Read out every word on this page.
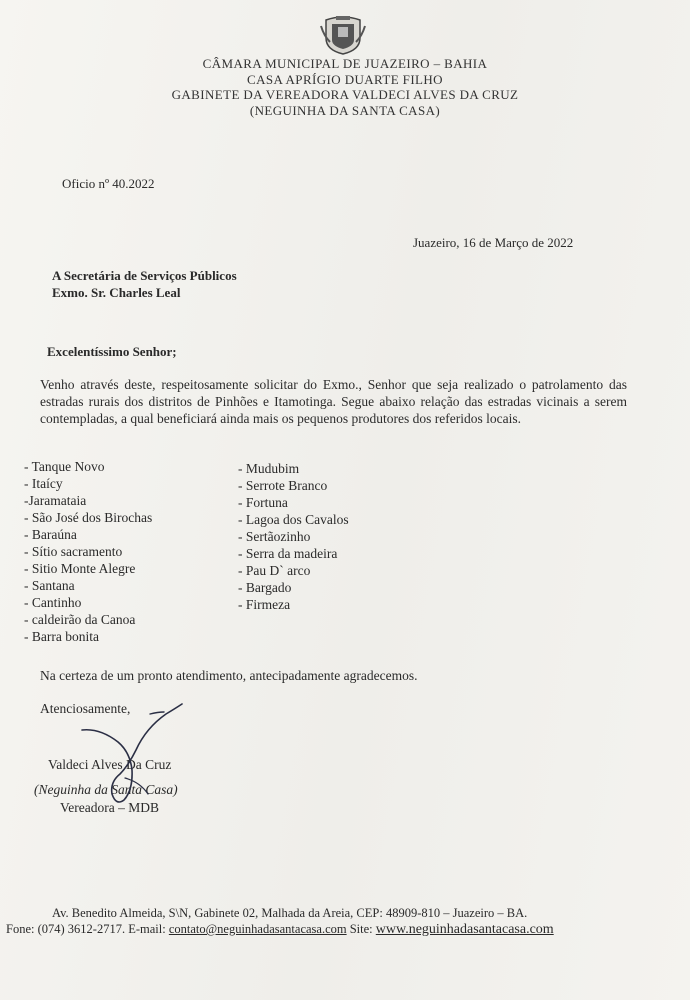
CÂMARA MUNICIPAL DE JUAZEIRO – BAHIA
CASA APRÍGIO DUARTE FILHO
GABINETE DA VEREADORA VALDECI ALVES DA CRUZ
(NEGUINHA DA SANTA CASA)
Oficio nº 40.2022
Juazeiro, 16 de Março de 2022
A Secretária de Serviços Públicos
Exmo. Sr. Charles Leal
Excelentíssimo Senhor;
Venho através deste, respeitosamente solicitar do Exmo., Senhor que seja realizado o patrolamento das estradas rurais dos distritos de Pinhões e Itamotinga. Segue abaixo relação das estradas vicinais a serem contempladas, a qual beneficiará ainda mais os pequenos produtores dos referidos locais.
- Tanque Novo
- Itaícy
-Jaramataia
- São José dos Birochas
- Baraúna
- Sítio sacramento
- Sitio Monte Alegre
- Santana
- Cantinho
- caldeirão da Canoa
- Barra bonita
- Mudubim
- Serrote Branco
- Fortuna
- Lagoa dos Cavalos
- Sertãozinho
- Serra da madeira
- Pau D` arco
- Bargado
- Firmeza
Na certeza de um pronto atendimento, antecipadamente agradecemos.
Atenciosamente,
Valdeci Alves Da Cruz
(Neguinha da Santa Casa)
Vereadora – MDB
Av. Benedito Almeida, S\N, Gabinete 02, Malhada da Areia, CEP: 48909-810 – Juazeiro – BA.
Fone: (074) 3612-2717. E-mail: contato@neguinhadasantacasa.com Site: www.neguinhadasantacasa.com
